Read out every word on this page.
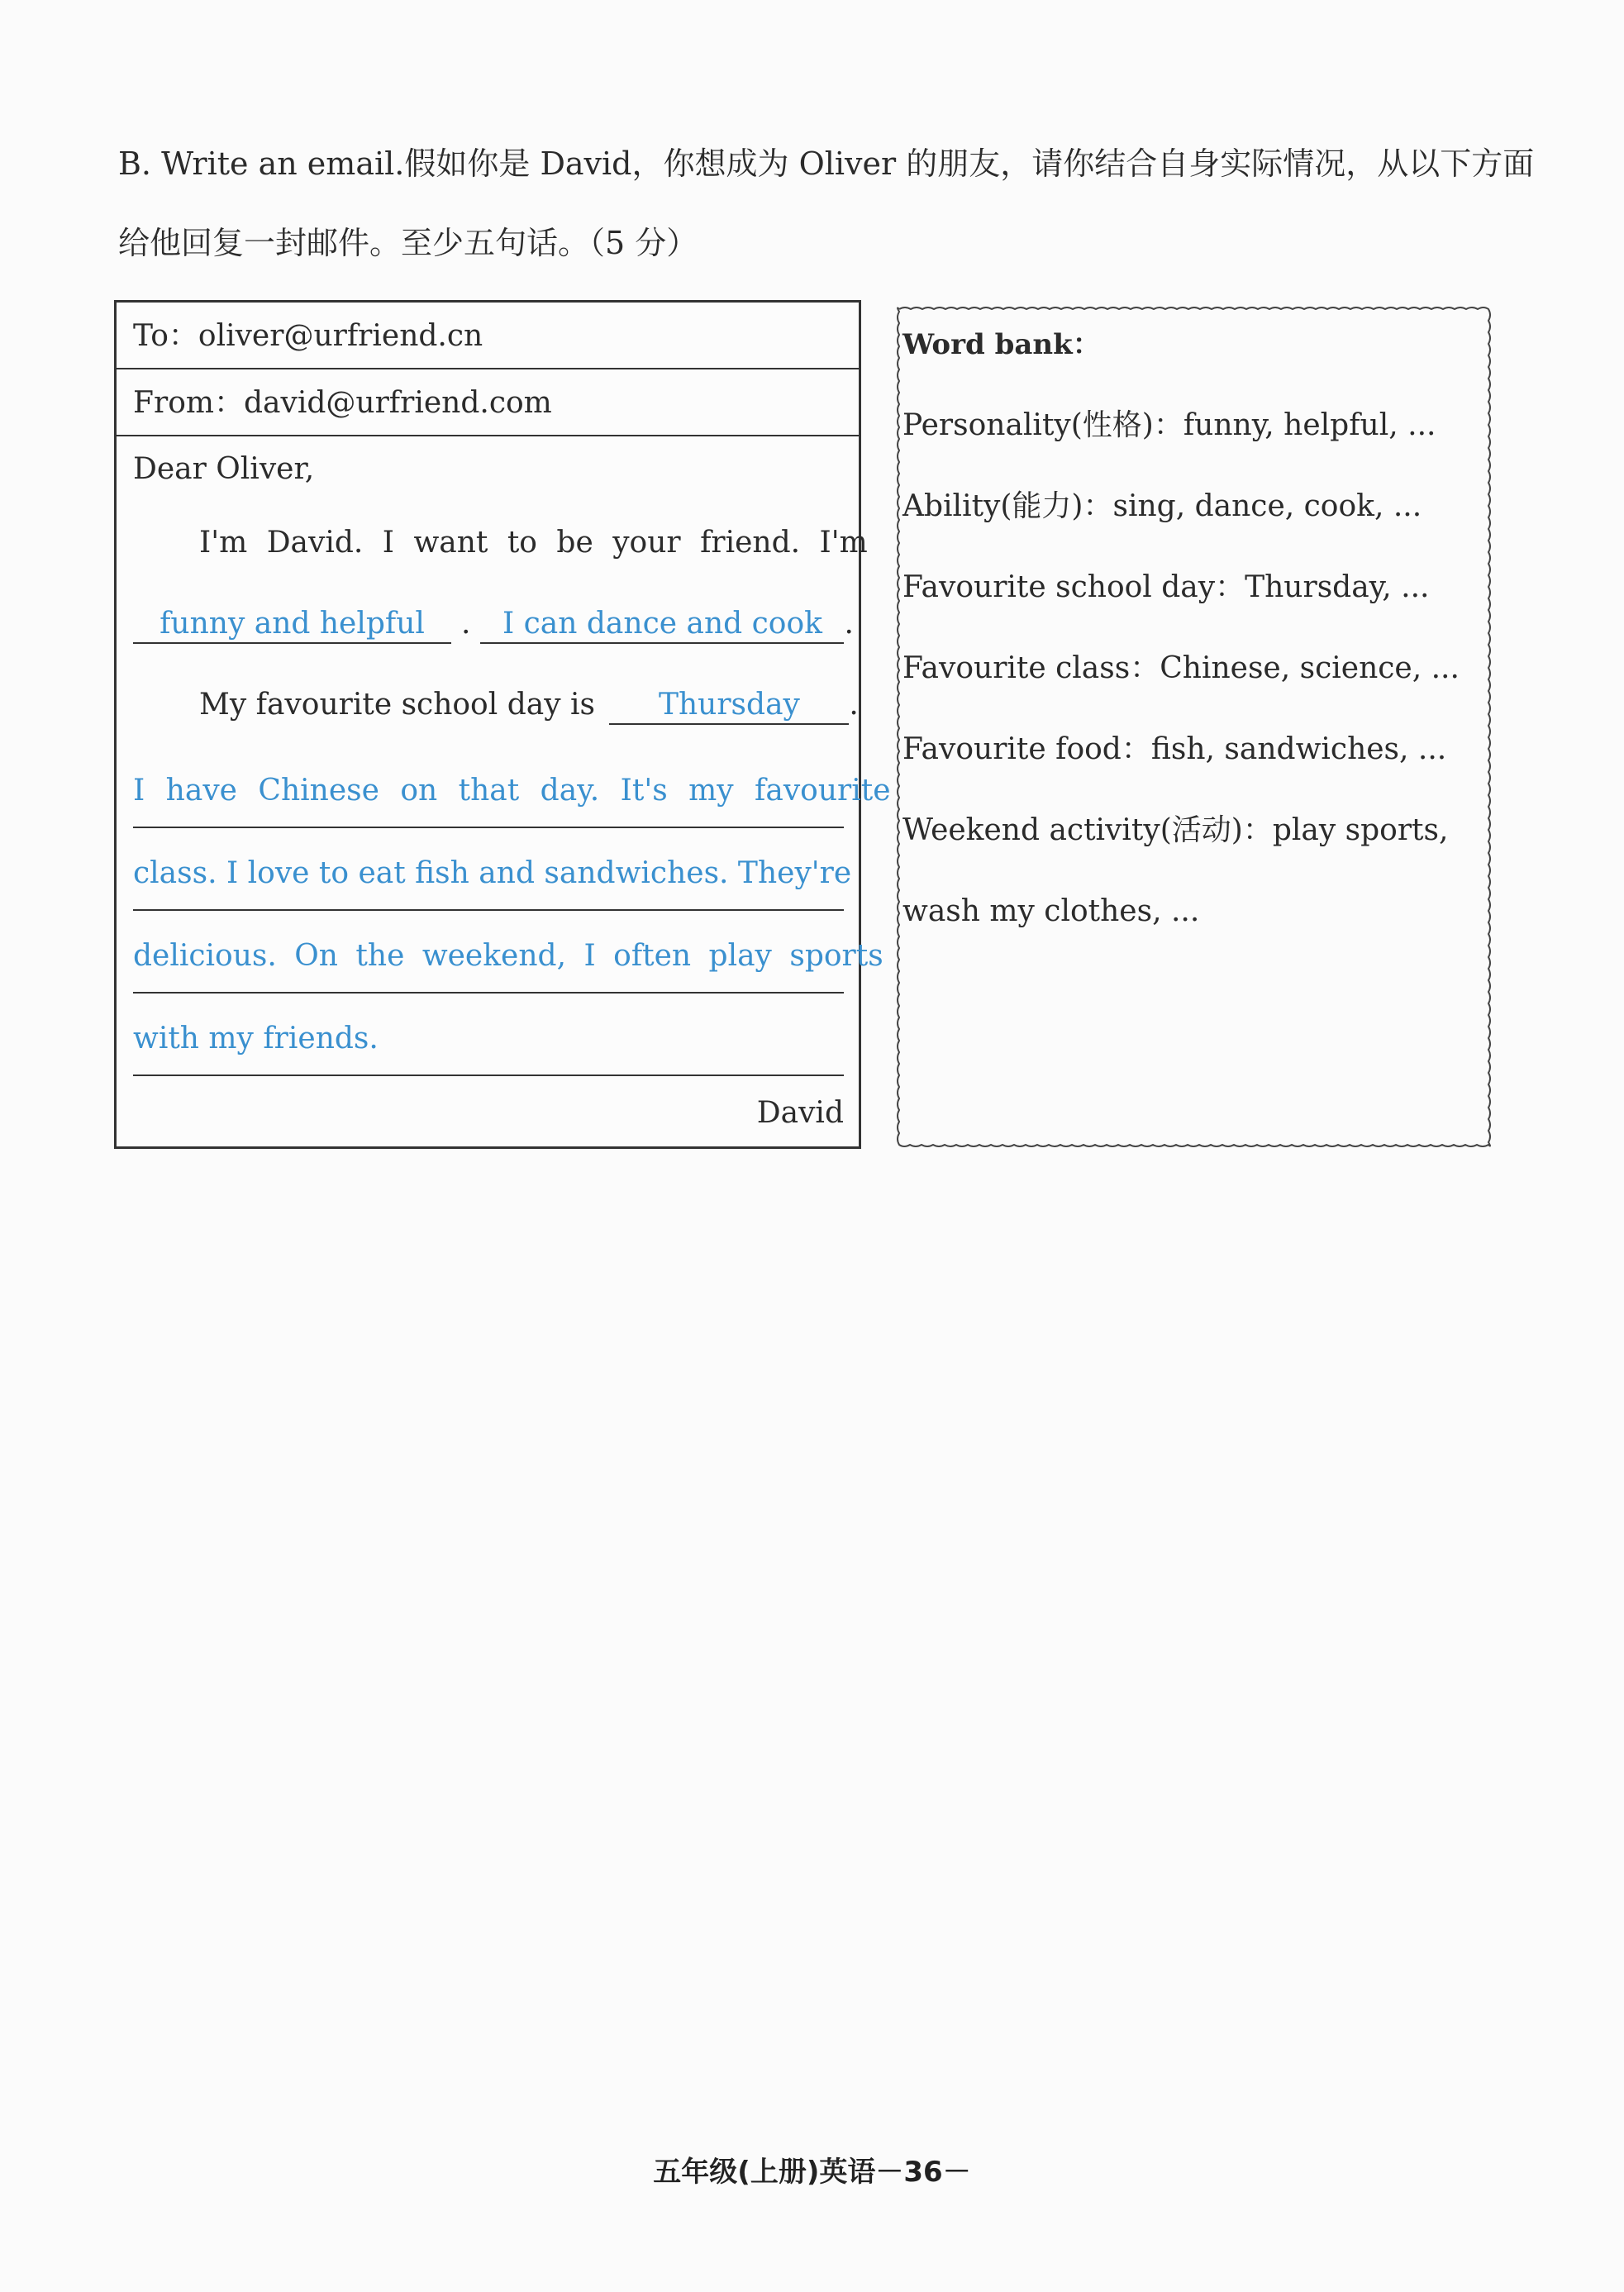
B. Write an email.假如你是 David，你想成为 Oliver 的朋友，请你结合自身实际情况，从以下方面
给他回复一封邮件。至少五句话。（5 分）
To：oliver@urfriend.cn
From：david@urfriend.com
Dear Oliver,
I'm David. I want to be your friend. I'm
funny and helpful . I can dance and cook .
My favourite school day is Thursday .
I have Chinese on that day. It's my favourite
class. I love to eat fish and sandwiches. They're
delicious. On the weekend, I often play sports
with my friends.
David
Word bank：
Personality(性格)：funny, helpful, ...
Ability(能力)：sing, dance, cook, ...
Favourite school day：Thursday, ...
Favourite class：Chinese, science, ...
Favourite food：fish, sandwiches, ...
Weekend activity(活动)：play sports,
wash my clothes, ...
五年级(上册)英语－36－
